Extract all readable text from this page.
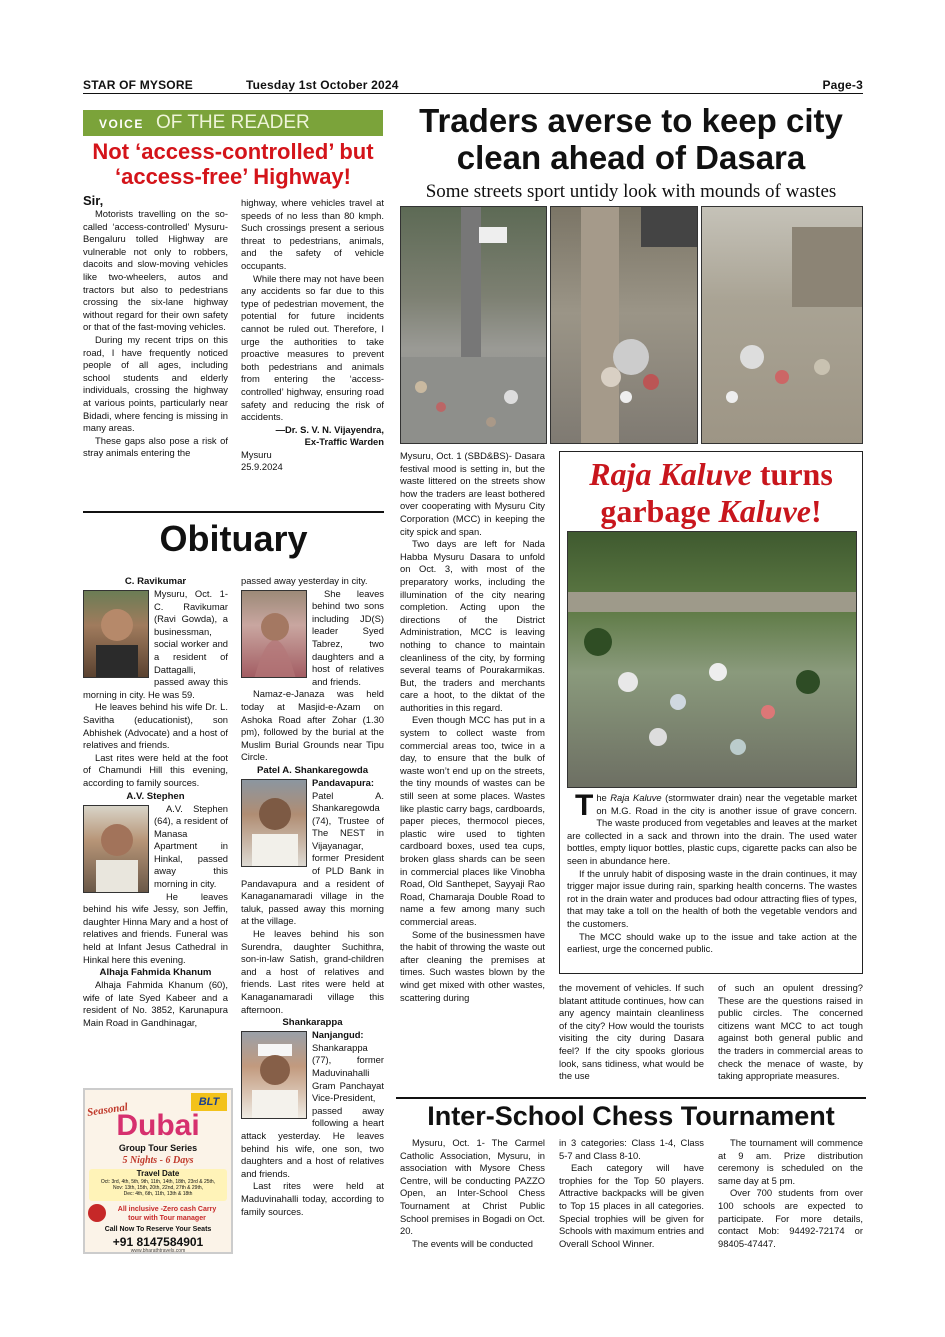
STAR OF MYSORE	Tuesday 1st October 2024	Page-3
VOICE OF THE READER
Not ‘access-controlled’ but
‘access-free’ Highway!

Sir,

Motorists travelling on the so-called ‘access-controlled’ Mysuru-Bengaluru tolled Highway are vulnerable not only to robbers, dacoits and slow-moving vehicles like two-wheelers, autos and tractors but also to pedestrians crossing the six-lane highway without regard for their own safety or that of the fast-moving vehicles.

During my recent trips on this road, I have frequently noticed people of all ages, including school students and elderly individuals, crossing the highway at various points, particularly near Bidadi, where fencing is missing in many areas.

These gaps also pose a risk of stray animals entering the

highway, where vehicles travel at speeds of no less than 80 kmph. Such crossings present a serious threat to pedestrians, animals, and the safety of vehicle occupants.

While there may not have been any accidents so far due to this type of pedestrian movement, the potential for future incidents cannot be ruled out. Therefore, I urge the authorities to take proactive measures to prevent both pedestrians and animals from entering the ‘access-controlled’ highway, ensuring road safety and reducing the risk of accidents.

—Dr. S. V. N. Vijayendra,
Ex-Traffic Warden
Mysuru
25.9.2024
Traders averse to keep city
clean ahead of Dasara
Some streets sport untidy look with mounds of wastes

Mysuru, Oct. 1 (SBD&BS)- Dasara festival mood is setting in, but the waste littered on the streets show how the traders are least bothered over cooperating with Mysuru City Corporation (MCC) in keeping the city spick and span.

Two days are left for Nada Habba Mysuru Dasara to unfold on Oct. 3, with most of the preparatory works, including the illumination of the city nearing completion. Acting upon the directions of the District Administration, MCC is leaving nothing to chance to maintain cleanliness of the city, by forming several teams of Pourakarmikas. But, the traders and merchants care a hoot, to the diktat of the authorities in this regard.

Even though MCC has put in a system to collect waste from commercial areas too, twice in a day, to ensure that the bulk of waste won’t end up on the streets, the tiny mounds of wastes can be still seen at some places. Wastes like plastic carry bags, cardboards, paper pieces, thermocol pieces, plastic wire used to tighten cardboard boxes, used tea cups, broken glass shards can be seen in commercial places like Vinobha Road, Old Santhepet, Sayyaji Rao Road, Chamaraja Double Road to name a few among many such commercial areas.

Some of the businessmen have the habit of throwing the waste out after cleaning the premises at times. Such wastes blown by the wind get mixed with other wastes, scattering during

the movement of vehicles. If such blatant attitude continues, how can any agency maintain cleanliness of the city? How would the tourists visiting the city during Dasara feel? If the city spooks glorious look, sans tidiness, what would be the use

of such an opulent dressing? These are the questions raised in public circles. The concerned citizens want MCC to act tough against both general public and the traders in commercial areas to check the menace of waste, by taking appropriate measures.

Raja Kaluve turns
garbage Kaluve!

The Raja Kaluve (stormwater drain) near the vegetable market on M.G. Road in the city is another issue of grave concern. The waste produced from vegetables and leaves at the market are collected in a sack and thrown into the drain. The used water bottles, empty liquor bottles, plastic cups, cigarette packs can also be seen in abundance here.

If the unruly habit of disposing waste in the drain continues, it may trigger major issue during rain, sparking health concerns. The wastes rot in the drain water and produces bad odour attracting flies of types, that may take a toll on the health of both the vegetable vendors and the customers.

The MCC should wake up to the issue and take action at the earliest, urge the concerned public.

Obituary
C. Ravikumar

Mysuru, Oct. 1- C. Ravikumar (Ravi Gowda), a businessman, social worker and a resident of Dattagalli, passed away this morning in city. He was 59.

He leaves behind his wife Dr. L. Savitha (educationist), son Abhishek (Advocate) and a host of relatives and friends.

Last rites were held at the foot of Chamundi Hill this evening, according to family sources.

A.V. Stephen

A.V. Stephen (64), a resident of Manasa Apartment in Hinkal, passed away this morning in city.

He leaves behind his wife Jessy, son Jeffin, daughter Hinna Mary and a host of relatives and friends. Funeral was held at Infant Jesus Cathedral in Hinkal here this evening.

Alhaja Fahmida Khanum

Alhaja Fahmida Khanum (60), wife of late Syed Kabeer and a resident of No. 3852, Karunapura Main Road in Gandhinagar,

passed away yesterday in city.

She leaves behind two sons including JD(S) leader Syed Tabrez, two daughters and a host of relatives and friends.

Namaz-e-Janaza was held today at Masjid-e-Azam on Ashoka Road after Zohar (1.30 pm), followed by the burial at the Muslim Burial Grounds near Tipu Circle.

Patel A. Shankaregowda

Pandavapura: Patel A. Shankaregowda (74), Trustee of The NEST in Vijayanagar, former President of PLD Bank in Pandavapura and a resident of Kanaganamaradi village in the taluk, passed away this morning at the village.

He leaves behind his son Surendra, daughter Suchithra, son-in-law Satish, grand-children and a host of relatives and friends. Last rites were held at Kanaganamaradi village this afternoon.

Shankarappa

Nanjangud: Shankarappa (77), former Maduvinahalli Gram Panchayat Vice-President, passed away following a heart attack yesterday. He leaves behind his wife, one son, two daughters and a host of relatives and friends.

Last rites were held at Maduvinahalli today, according to family sources.

Seasonal	BLT
Dubai
Group Tour Series
5 Nights - 6 Days
Travel Date
Oct: 3rd, 4th, 5th, 9th, 11th, 14th, 18th, 23rd & 25th,
Nov: 13th, 15th, 20th, 22nd, 27th & 29th,
Dec: 4th, 6th, 11th, 13th & 18th
All inclusive -Zero cash Carry
tour with Tour manager
Call Now To Reserve Your Seats
+91 8147584901
www.bharathtravels.com
Inter-School Chess Tournament

Mysuru, Oct. 1- The Carmel Catholic Association, Mysuru, in association with Mysore Chess Centre, will be conducting PAZZO Open, an Inter-School Chess Tournament at Christ Public School premises in Bogadi on Oct. 20.

The events will be conducted

in 3 categories: Class 1-4, Class 5-7 and Class 8-10.

Each category will have trophies for the Top 50 players. Attractive backpacks will be given to Top 15 places in all categories. Special trophies will be given for Schools with maximum entries and Overall School Winner.

The tournament will commence at 9 am. Prize distribution ceremony is scheduled on the same day at 5 pm.

Over 700 students from over 100 schools are expected to participate. For more details, contact Mob: 94492-72174 or 98405-47447.
